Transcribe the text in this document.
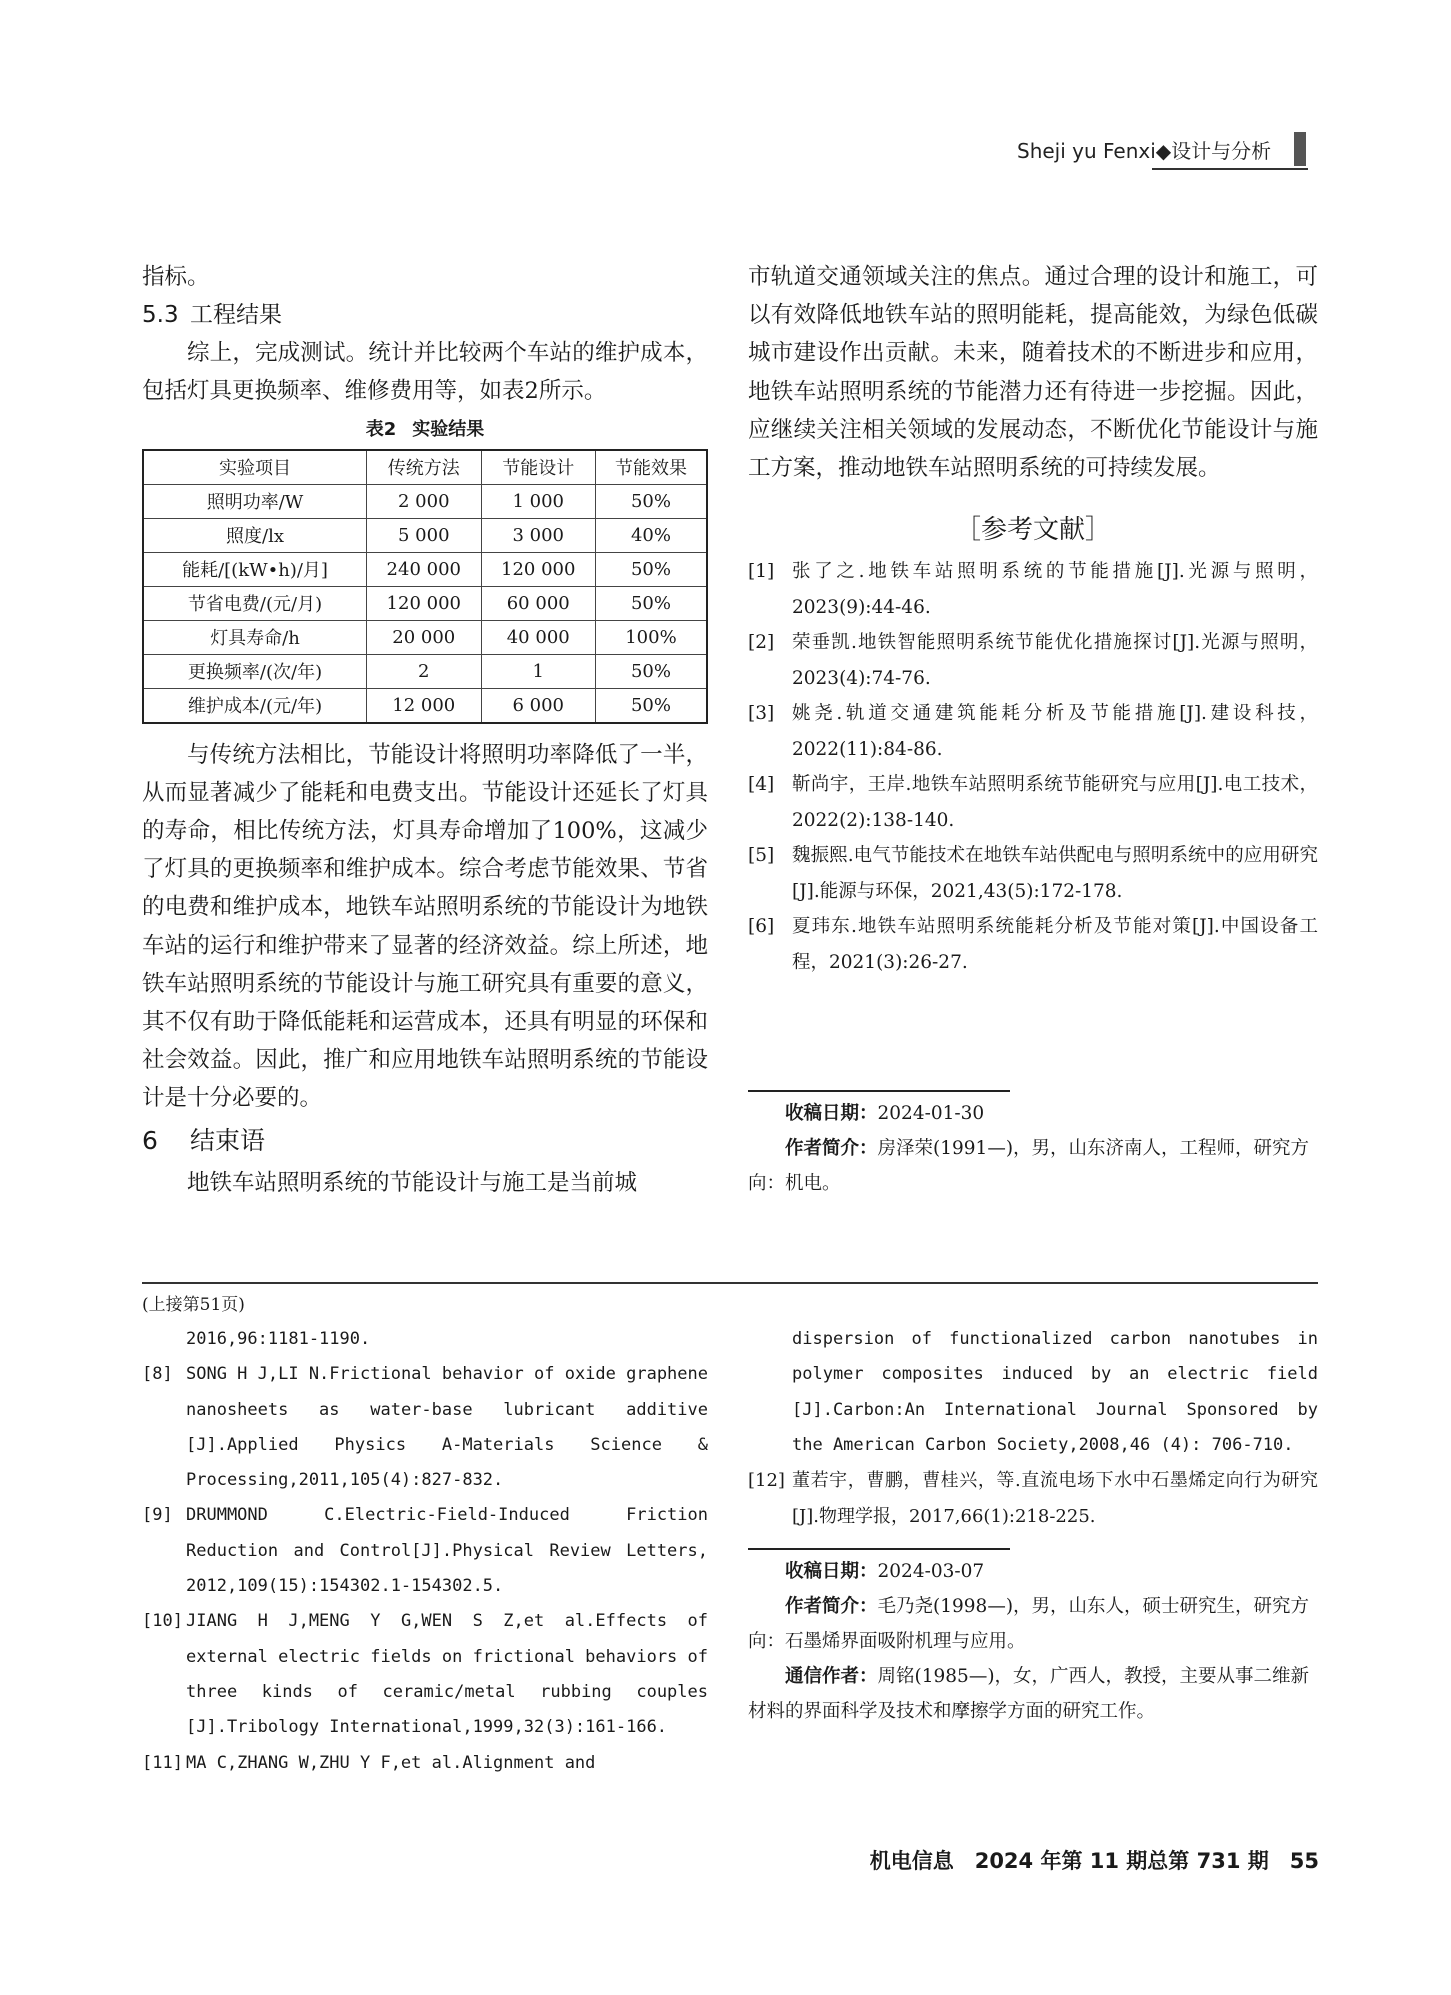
Sheji yu Fenxi◆设计与分析

指标。

5.3 工程结果

综上，完成测试。统计并比较两个车站的维护成本，包括灯具更换频率、维修费用等，如表2所示。

表2 实验结果
实验项目	传统方法	节能设计	节能效果
照明功率/W	2 000	1 000	50%
照度/lx	5 000	3 000	40%
能耗/[(kW•h)/月]	240 000	120 000	50%
节省电费/(元/月)	120 000	60 000	50%
灯具寿命/h	20 000	40 000	100%
更换频率/(次/年)	2	1	50%
维护成本/(元/年)	12 000	6 000	50%

与传统方法相比，节能设计将照明功率降低了一半，从而显著减少了能耗和电费支出。节能设计还延长了灯具的寿命，相比传统方法，灯具寿命增加了100%，这减少了灯具的更换频率和维护成本。综合考虑节能效果、节省的电费和维护成本，地铁车站照明系统的节能设计为地铁车站的运行和维护带来了显著的经济效益。综上所述，地铁车站照明系统的节能设计与施工研究具有重要的意义，其不仅有助于降低能耗和运营成本，还具有明显的环保和社会效益。因此，推广和应用地铁车站照明系统的节能设计是十分必要的。

6 结束语

地铁车站照明系统的节能设计与施工是当前城

市轨道交通领域关注的焦点。通过合理的设计和施工，可以有效降低地铁车站的照明能耗，提高能效，为绿色低碳城市建设作出贡献。未来，随着技术的不断进步和应用，地铁车站照明系统的节能潜力还有待进一步挖掘。因此，应继续关注相关领域的发展动态，不断优化节能设计与施工方案，推动地铁车站照明系统的可持续发展。

［参考文献］
[1] 张了之.地铁车站照明系统的节能措施[J].光源与照明，2023(9):44-46.
[2] 荣垂凯.地铁智能照明系统节能优化措施探讨[J].光源与照明，2023(4):74-76.
[3] 姚尧.轨道交通建筑能耗分析及节能措施[J].建设科技，2022(11):84-86.
[4] 靳尚宇，王岸.地铁车站照明系统节能研究与应用[J].电工技术，2022(2):138-140.
[5] 魏振熙.电气节能技术在地铁车站供配电与照明系统中的应用研究[J].能源与环保，2021,43(5):172-178.
[6] 夏玮东.地铁车站照明系统能耗分析及节能对策[J].中国设备工程，2021(3):26-27.

收稿日期：2024-01-30

作者简介：房泽荣(1991—)，男，山东济南人，工程师，研究方向：机电。

(上接第51页)

2016,96:1181-1190.
[8] SONG H J,LI N.Frictional behavior of oxide graphene nanosheets as water-base lubricant additive [J].Applied Physics A-Materials Science & Processing,2011,105(4):827-832.
[9] DRUMMOND C.Electric-Field-Induced Friction Reduction and Control[J].Physical Review Letters, 2012,109(15):154302.1-154302.5.
[10] JIANG H J,MENG Y G,WEN S Z,et al.Effects of external electric fields on frictional behaviors of three kinds of ceramic/metal rubbing couples [J].Tribology International,1999,32(3):161-166.
[11] MA C,ZHANG W,ZHU Y F,et al.Alignment and
dispersion of functionalized carbon nanotubes in polymer composites induced by an electric field [J].Carbon:An International Journal Sponsored by the American Carbon Society,2008,46 (4): 706-710.
[12] 董若宇，曹鹏，曹桂兴，等.直流电场下水中石墨烯定向行为研究[J].物理学报，2017,66(1):218-225.

收稿日期：2024-03-07

作者简介：毛乃尧(1998—)，男，山东人，硕士研究生，研究方向：石墨烯界面吸附机理与应用。

通信作者：周铭(1985—)，女，广西人，教授，主要从事二维新材料的界面科学及技术和摩擦学方面的研究工作。

机电信息　2024 年第 11 期总第 731 期　55
